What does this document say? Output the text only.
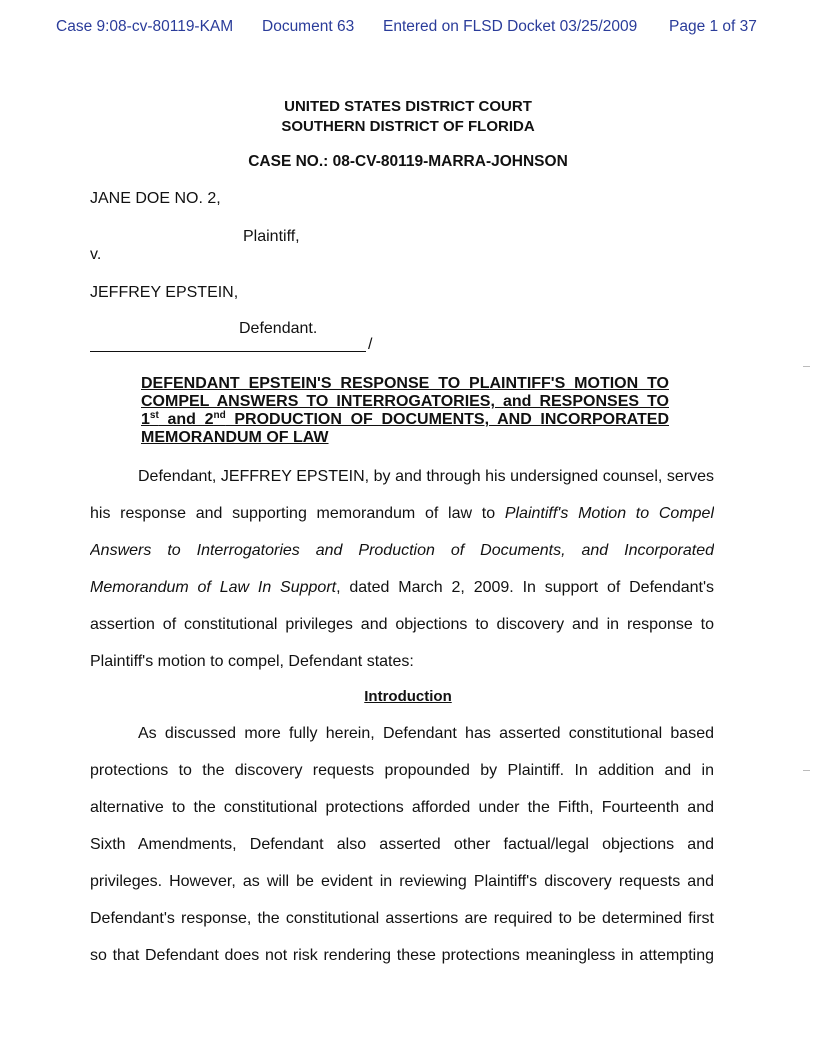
Case 9:08-cv-80119-KAM Document 63 Entered on FLSD Docket 03/25/2009 Page 1 of 37
UNITED STATES DISTRICT COURT
SOUTHERN DISTRICT OF FLORIDA
CASE NO.: 08-CV-80119-MARRA-JOHNSON
JANE DOE NO. 2,
Plaintiff,
v.
JEFFREY EPSTEIN,
Defendant.
/
DEFENDANT EPSTEIN'S RESPONSE TO PLAINTIFF'S MOTION TO
COMPEL ANSWERS TO INTERROGATORIES, and RESPONSES TO
1st and 2nd PRODUCTION OF DOCUMENTS, AND INCORPORATED
MEMORANDUM OF LAW
Defendant, JEFFREY EPSTEIN, by and through his undersigned counsel, serves
his response and supporting memorandum of law to Plaintiff's Motion to Compel
Answers to Interrogatories and Production of Documents, and Incorporated
Memorandum of Law In Support, dated March 2, 2009. In support of Defendant's
assertion of constitutional privileges and objections to discovery and in response to
Plaintiff's motion to compel, Defendant states:
Introduction
As discussed more fully herein, Defendant has asserted constitutional based
protections to the discovery requests propounded by Plaintiff. In addition and in
alternative to the constitutional protections afforded under the Fifth, Fourteenth and
Sixth Amendments, Defendant also asserted other factual/legal objections and
privileges. However, as will be evident in reviewing Plaintiff's discovery requests and
Defendant's response, the constitutional assertions are required to be determined first
so that Defendant does not risk rendering these protections meaningless in attempting
